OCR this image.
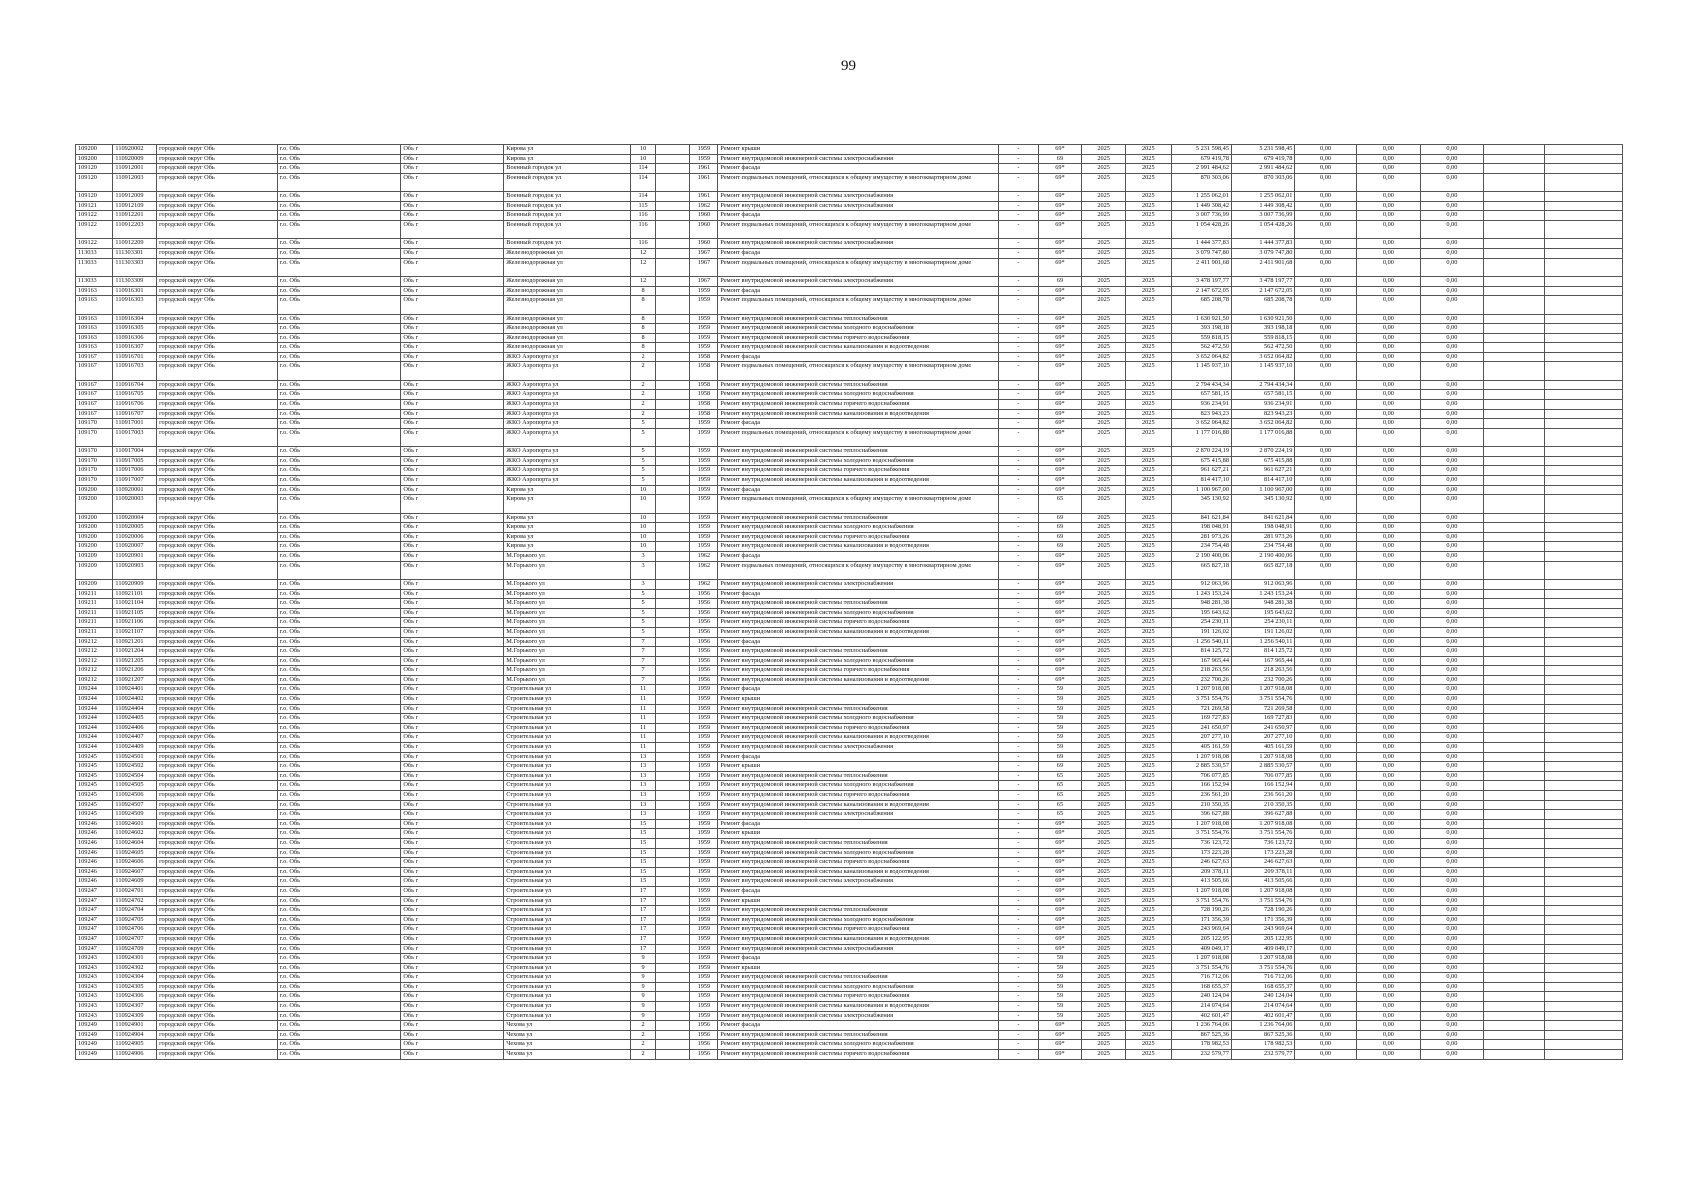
99
109200	110920002	городской округ Обь	г.о. Обь	Обь г	Кирова ул	10		1959	Ремонт крыши	-	69*	2025	2025	5 231 598,45	5 231 598,45	0,00	0,00	0,00		
109200	110920009	городской округ Обь	г.о. Обь	Обь г	Кирова ул	10		1959	Ремонт внутридомовой инженерной системы электроснабжения	-	69	2025	2025	679 419,78	679 419,78	0,00	0,00	0,00		
109120	110912001	городской округ Обь	г.о. Обь	Обь г	Военный городок ул	114		1961	Ремонт фасада	-	69*	2025	2025	2 991 484,62	2 991 484,62	0,00	0,00	0,00		
109120	110912003	городской округ Обь	г.о. Обь	Обь г	Военный городок ул	114		1961	Ремонт подвальных помещений, относящихся к общему имуществу в многоквартирном доме	-	69*	2025	2025	870 303,06	870 303,06	0,00	0,00	0,00		
109120	110912009	городской округ Обь	г.о. Обь	Обь г	Военный городок ул	114		1961	Ремонт внутридомовой инженерной системы электроснабжения	-	69*	2025	2025	1 255 062,01	1 255 062,01	0,00	0,00	0,00		
109121	110912109	городской округ Обь	г.о. Обь	Обь г	Военный городок ул	115		1962	Ремонт внутридомовой инженерной системы электроснабжения	-	69*	2025	2025	1 449 308,42	1 449 308,42	0,00	0,00	0,00		
109122	110912201	городской округ Обь	г.о. Обь	Обь г	Военный городок ул	116		1960	Ремонт фасада	-	69*	2025	2025	3 007 736,99	3 007 736,99	0,00	0,00	0,00		
109122	110912203	городской округ Обь	г.о. Обь	Обь г	Военный городок ул	116		1960	Ремонт подвальных помещений, относящихся к общему имуществу в многоквартирном доме	-	69*	2025	2025	1 054 428,26	1 054 428,26	0,00	0,00	0,00		
109122	110912209	городской округ Обь	г.о. Обь	Обь г	Военный городок ул	116		1960	Ремонт внутридомовой инженерной системы электроснабжения	-	69*	2025	2025	1 444 377,83	1 444 377,83	0,00	0,00	0,00		
113033	111303301	городской округ Обь	г.о. Обь	Обь г	Железнодорожная ул	12		1967	Ремонт фасада	-	69*	2025	2025	3 079 747,80	3 079 747,80	0,00	0,00	0,00		
113033	111303303	городской округ Обь	г.о. Обь	Обь г	Железнодорожная ул	12		1967	Ремонт подвальных помещений, относящихся к общему имуществу в многоквартирном доме	-	69*	2025	2025	2 411 901,68	2 411 901,68	0,00	0,00	0,00		
113033	111303309	городской округ Обь	г.о. Обь	Обь г	Железнодорожная ул	12		1967	Ремонт внутридомовой инженерной системы электроснабжения	-	69	2025	2025	3 478 197,77	3 478 197,77	0,00	0,00	0,00		
109163	110916301	городской округ Обь	г.о. Обь	Обь г	Железнодорожная ул	8		1959	Ремонт фасада	-	69*	2025	2025	2 147 672,05	2 147 672,05	0,00	0,00	0,00		
109163	110916303	городской округ Обь	г.о. Обь	Обь г	Железнодорожная ул	8		1959	Ремонт подвальных помещений, относящихся к общему имуществу в многоквартирном доме	-	69*	2025	2025	685 208,78	685 208,78	0,00	0,00	0,00		
109163	110916304	городской округ Обь	г.о. Обь	Обь г	Железнодорожная ул	8		1959	Ремонт внутридомовой инженерной системы теплоснабжения	-	69*	2025	2025	1 630 921,50	1 630 921,50	0,00	0,00	0,00		
109163	110916305	городской округ Обь	г.о. Обь	Обь г	Железнодорожная ул	8		1959	Ремонт внутридомовой инженерной системы холодного водоснабжения	-	69*	2025	2025	393 198,18	393 198,18	0,00	0,00	0,00		
109163	110916306	городской округ Обь	г.о. Обь	Обь г	Железнодорожная ул	8		1959	Ремонт внутридомовой инженерной системы горячего водоснабжения	-	69*	2025	2025	559 818,15	559 818,15	0,00	0,00	0,00		
109163	110916307	городской округ Обь	г.о. Обь	Обь г	Железнодорожная ул	8		1959	Ремонт внутридомовой инженерной системы канализования и водоотведения	-	69*	2025	2025	562 472,50	562 472,50	0,00	0,00	0,00		
109167	110916701	городской округ Обь	г.о. Обь	Обь г	ЖКО Аэропорта ул	2		1958	Ремонт фасада	-	69*	2025	2025	3 652 064,82	3 652 064,82	0,00	0,00	0,00		
109167	110916703	городской округ Обь	г.о. Обь	Обь г	ЖКО Аэропорта ул	2		1958	Ремонт подвальных помещений, относящихся к общему имуществу в многоквартирном доме	-	69*	2025	2025	1 145 937,10	1 145 937,10	0,00	0,00	0,00		
109167	110916704	городской округ Обь	г.о. Обь	Обь г	ЖКО Аэропорта ул	2		1958	Ремонт внутридомовой инженерной системы теплоснабжения	-	69*	2025	2025	2 794 434,34	2 794 434,34	0,00	0,00	0,00		
109167	110916705	городской округ Обь	г.о. Обь	Обь г	ЖКО Аэропорта ул	2		1958	Ремонт внутридомовой инженерной системы холодного водоснабжения	-	69*	2025	2025	657 581,15	657 581,15	0,00	0,00	0,00		
109167	110916706	городской округ Обь	г.о. Обь	Обь г	ЖКО Аэропорта ул	2		1958	Ремонт внутридомовой инженерной системы горячего водоснабжения	-	69*	2025	2025	936 234,91	936 234,91	0,00	0,00	0,00		
109167	110916707	городской округ Обь	г.о. Обь	Обь г	ЖКО Аэропорта ул	2		1958	Ремонт внутридомовой инженерной системы канализования и водоотведения	-	69*	2025	2025	823 943,23	823 943,23	0,00	0,00	0,00		
109170	110917001	городской округ Обь	г.о. Обь	Обь г	ЖКО Аэропорта ул	5		1959	Ремонт фасада	-	69*	2025	2025	3 652 064,82	3 652 064,82	0,00	0,00	0,00		
109170	110917003	городской округ Обь	г.о. Обь	Обь г	ЖКО Аэропорта ул	5		1959	Ремонт подвальных помещений, относящихся к общему имуществу в многоквартирном доме	-	69*	2025	2025	1 177 016,88	1 177 016,88	0,00	0,00	0,00		
109170	110917004	городской округ Обь	г.о. Обь	Обь г	ЖКО Аэропорта ул	5		1959	Ремонт внутридомовой инженерной системы теплоснабжения	-	69*	2025	2025	2 870 224,19	2 870 224,19	0,00	0,00	0,00		
109170	110917005	городской округ Обь	г.о. Обь	Обь г	ЖКО Аэропорта ул	5		1959	Ремонт внутридомовой инженерной системы холодного водоснабжения	-	69*	2025	2025	675 415,88	675 415,88	0,00	0,00	0,00		
109170	110917006	городской округ Обь	г.о. Обь	Обь г	ЖКО Аэропорта ул	5		1959	Ремонт внутридомовой инженерной системы горячего водоснабжения	-	69*	2025	2025	961 627,21	961 627,21	0,00	0,00	0,00		
109170	110917007	городской округ Обь	г.о. Обь	Обь г	ЖКО Аэропорта ул	5		1959	Ремонт внутридомовой инженерной системы канализования и водоотведения	-	69*	2025	2025	814 417,10	814 417,10	0,00	0,00	0,00		
109200	110920001	городской округ Обь	г.о. Обь	Обь г	Кирова ул	10		1959	Ремонт фасада	-	69*	2025	2025	1 100 967,00	1 100 967,00	0,00	0,00	0,00		
109200	110920003	городской округ Обь	г.о. Обь	Обь г	Кирова ул	10		1959	Ремонт подвальных помещений, относящихся к общему имуществу в многоквартирном доме	-	65	2025	2025	345 130,92	345 130,92	0,00	0,00	0,00		
109200	110920004	городской округ Обь	г.о. Обь	Обь г	Кирова ул	10		1959	Ремонт внутридомовой инженерной системы теплоснабжения	-	69	2025	2025	841 621,84	841 621,84	0,00	0,00	0,00		
109200	110920005	городской округ Обь	г.о. Обь	Обь г	Кирова ул	10		1959	Ремонт внутридомовой инженерной системы холодного водоснабжения	-	69	2025	2025	198 048,91	198 048,91	0,00	0,00	0,00		
109200	110920006	городской округ Обь	г.о. Обь	Обь г	Кирова ул	10		1959	Ремонт внутридомовой инженерной системы горячего водоснабжения	-	69	2025	2025	281 973,26	281 973,26	0,00	0,00	0,00		
109200	110920007	городской округ Обь	г.о. Обь	Обь г	Кирова ул	10		1959	Ремонт внутридомовой инженерной системы канализования и водоотведения	-	69	2025	2025	234 754,48	234 754,48	0,00	0,00	0,00		
109209	110920901	городской округ Обь	г.о. Обь	Обь г	М.Горького ул	3		1962	Ремонт фасада	-	69*	2025	2025	2 190 400,06	2 190 400,06	0,00	0,00	0,00		
109209	110920903	городской округ Обь	г.о. Обь	Обь г	М.Горького ул	3		1962	Ремонт подвальных помещений, относящихся к общему имуществу в многоквартирном доме	-	69*	2025	2025	665 827,18	665 827,18	0,00	0,00	0,00		
109209	110920909	городской округ Обь	г.о. Обь	Обь г	М.Горького ул	3		1962	Ремонт внутридомовой инженерной системы электроснабжения	-	69*	2025	2025	912 063,96	912 063,96	0,00	0,00	0,00		
109211	110921101	городской округ Обь	г.о. Обь	Обь г	М.Горького ул	5		1956	Ремонт фасада	-	69*	2025	2025	1 243 153,24	1 243 153,24	0,00	0,00	0,00		
109211	110921104	городской округ Обь	г.о. Обь	Обь г	М.Горького ул	5		1956	Ремонт внутридомовой инженерной системы теплоснабжения	-	69*	2025	2025	948 281,38	948 281,38	0,00	0,00	0,00		
109211	110921105	городской округ Обь	г.о. Обь	Обь г	М.Горького ул	5		1956	Ремонт внутридомовой инженерной системы холодного водоснабжения	-	69*	2025	2025	195 643,62	195 643,62	0,00	0,00	0,00		
109211	110921106	городской округ Обь	г.о. Обь	Обь г	М.Горького ул	5		1956	Ремонт внутридомовой инженерной системы горячего водоснабжения	-	69*	2025	2025	254 230,11	254 230,11	0,00	0,00	0,00		
109211	110921107	городской округ Обь	г.о. Обь	Обь г	М.Горького ул	5		1956	Ремонт внутридомовой инженерной системы канализования и водоотведения	-	69*	2025	2025	191 126,02	191 126,02	0,00	0,00	0,00		
109212	110921201	городской округ Обь	г.о. Обь	Обь г	М.Горького ул	7		1956	Ремонт фасада	-	69*	2025	2025	1 256 540,11	1 256 540,11	0,00	0,00	0,00		
109212	110921204	городской округ Обь	г.о. Обь	Обь г	М.Горького ул	7		1956	Ремонт внутридомовой инженерной системы теплоснабжения	-	69*	2025	2025	814 125,72	814 125,72	0,00	0,00	0,00		
109212	110921205	городской округ Обь	г.о. Обь	Обь г	М.Горького ул	7		1956	Ремонт внутридомовой инженерной системы холодного водоснабжения	-	69*	2025	2025	167 965,44	167 965,44	0,00	0,00	0,00		
109212	110921206	городской округ Обь	г.о. Обь	Обь г	М.Горького ул	7		1956	Ремонт внутридомовой инженерной системы горячего водоснабжения	-	69*	2025	2025	218 263,56	218 263,56	0,00	0,00	0,00		
109212	110921207	городской округ Обь	г.о. Обь	Обь г	М.Горького ул	7		1956	Ремонт внутридомовой инженерной системы канализования и водоотведения	-	69*	2025	2025	232 700,26	232 700,26	0,00	0,00	0,00		
109244	110924401	городской округ Обь	г.о. Обь	Обь г	Строительная ул	11		1959	Ремонт фасада	-	59	2025	2025	1 207 918,08	1 207 918,08	0,00	0,00	0,00		
109244	110924402	городской округ Обь	г.о. Обь	Обь г	Строительная ул	11		1959	Ремонт крыши	-	59	2025	2025	3 751 554,76	3 751 554,76	0,00	0,00	0,00		
109244	110924404	городской округ Обь	г.о. Обь	Обь г	Строительная ул	11		1959	Ремонт внутридомовой инженерной системы теплоснабжения	-	59	2025	2025	721 269,58	721 269,58	0,00	0,00	0,00		
109244	110924405	городской округ Обь	г.о. Обь	Обь г	Строительная ул	11		1959	Ремонт внутридомовой инженерной системы холодного водоснабжения	-	59	2025	2025	169 727,83	169 727,83	0,00	0,00	0,00		
109244	110924406	городской округ Обь	г.о. Обь	Обь г	Строительная ул	11		1959	Ремонт внутридомовой инженерной системы горячего водоснабжения	-	59	2025	2025	241 650,97	241 650,97	0,00	0,00	0,00		
109244	110924407	городской округ Обь	г.о. Обь	Обь г	Строительная ул	11		1959	Ремонт внутридомовой инженерной системы канализования и водоотведения	-	59	2025	2025	207 277,10	207 277,10	0,00	0,00	0,00		
109244	110924409	городской округ Обь	г.о. Обь	Обь г	Строительная ул	11		1959	Ремонт внутридомовой инженерной системы электроснабжения	-	59	2025	2025	405 161,59	405 161,59	0,00	0,00	0,00		
109245	110924501	городской округ Обь	г.о. Обь	Обь г	Строительная ул	13		1959	Ремонт фасада	-	69	2025	2025	1 207 918,08	1 207 918,08	0,00	0,00	0,00		
109245	110924502	городской округ Обь	г.о. Обь	Обь г	Строительная ул	13		1959	Ремонт крыши	-	69	2025	2025	2 885 530,57	2 885 530,57	0,00	0,00	0,00		
109245	110924504	городской округ Обь	г.о. Обь	Обь г	Строительная ул	13		1959	Ремонт внутридомовой инженерной системы теплоснабжения	-	65	2025	2025	706 077,85	706 077,85	0,00	0,00	0,00		
109245	110924505	городской округ Обь	г.о. Обь	Обь г	Строительная ул	13		1959	Ремонт внутридомовой инженерной системы холодного водоснабжения	-	65	2025	2025	166 152,94	166 152,94	0,00	0,00	0,00		
109245	110924506	городской округ Обь	г.о. Обь	Обь г	Строительная ул	13		1959	Ремонт внутридомовой инженерной системы горячего водоснабжения	-	65	2025	2025	236 561,20	236 561,20	0,00	0,00	0,00		
109245	110924507	городской округ Обь	г.о. Обь	Обь г	Строительная ул	13		1959	Ремонт внутридомовой инженерной системы канализования и водоотведения	-	65	2025	2025	210 350,35	210 350,35	0,00	0,00	0,00		
109245	110924509	городской округ Обь	г.о. Обь	Обь г	Строительная ул	13		1959	Ремонт внутридомовой инженерной системы электроснабжения	-	65	2025	2025	396 627,88	396 627,88	0,00	0,00	0,00		
109246	110924601	городской округ Обь	г.о. Обь	Обь г	Строительная ул	15		1959	Ремонт фасада	-	69*	2025	2025	1 207 918,08	1 207 918,08	0,00	0,00	0,00		
109246	110924602	городской округ Обь	г.о. Обь	Обь г	Строительная ул	15		1959	Ремонт крыши	-	69*	2025	2025	3 751 554,76	3 751 554,76	0,00	0,00	0,00		
109246	110924604	городской округ Обь	г.о. Обь	Обь г	Строительная ул	15		1959	Ремонт внутридомовой инженерной системы теплоснабжения	-	69*	2025	2025	736 123,72	736 123,72	0,00	0,00	0,00		
109246	110924605	городской округ Обь	г.о. Обь	Обь г	Строительная ул	15		1959	Ремонт внутридомовой инженерной системы холодного водоснабжения	-	69*	2025	2025	173 223,28	173 223,28	0,00	0,00	0,00		
109246	110924606	городской округ Обь	г.о. Обь	Обь г	Строительная ул	15		1959	Ремонт внутридомовой инженерной системы горячего водоснабжения	-	69*	2025	2025	246 627,63	246 627,63	0,00	0,00	0,00		
109246	110924607	городской округ Обь	г.о. Обь	Обь г	Строительная ул	15		1959	Ремонт внутридомовой инженерной системы канализования и водоотведения	-	69*	2025	2025	209 378,11	209 378,11	0,00	0,00	0,00		
109246	110924609	городской округ Обь	г.о. Обь	Обь г	Строительная ул	15		1959	Ремонт внутридомовой инженерной системы электроснабжения	-	69*	2025	2025	413 505,66	413 505,66	0,00	0,00	0,00		
109247	110924701	городской округ Обь	г.о. Обь	Обь г	Строительная ул	17		1959	Ремонт фасада	-	69*	2025	2025	1 207 918,08	1 207 918,08	0,00	0,00	0,00		
109247	110924702	городской округ Обь	г.о. Обь	Обь г	Строительная ул	17		1959	Ремонт крыши	-	69*	2025	2025	3 751 554,76	3 751 554,76	0,00	0,00	0,00		
109247	110924704	городской округ Обь	г.о. Обь	Обь г	Строительная ул	17		1959	Ремонт внутридомовой инженерной системы теплоснабжения	-	69*	2025	2025	728 190,26	728 190,26	0,00	0,00	0,00		
109247	110924705	городской округ Обь	г.о. Обь	Обь г	Строительная ул	17		1959	Ремонт внутридомовой инженерной системы холодного водоснабжения	-	69*	2025	2025	171 356,39	171 356,39	0,00	0,00	0,00		
109247	110924706	городской округ Обь	г.о. Обь	Обь г	Строительная ул	17		1959	Ремонт внутридомовой инженерной системы горячего водоснабжения	-	69*	2025	2025	243 969,64	243 969,64	0,00	0,00	0,00		
109247	110924707	городской округ Обь	г.о. Обь	Обь г	Строительная ул	17		1959	Ремонт внутридомовой инженерной системы канализования и водоотведения	-	69*	2025	2025	205 122,95	205 122,95	0,00	0,00	0,00		
109247	110924709	городской округ Обь	г.о. Обь	Обь г	Строительная ул	17		1959	Ремонт внутридомовой инженерной системы электроснабжения	-	69*	2025	2025	409 049,17	409 049,17	0,00	0,00	0,00		
109243	110924301	городской округ Обь	г.о. Обь	Обь г	Строительная ул	9		1959	Ремонт фасада	-	59	2025	2025	1 207 918,08	1 207 918,08	0,00	0,00	0,00		
109243	110924302	городской округ Обь	г.о. Обь	Обь г	Строительная ул	9		1959	Ремонт крыши	-	59	2025	2025	3 751 554,76	3 751 554,76	0,00	0,00	0,00		
109243	110924304	городской округ Обь	г.о. Обь	Обь г	Строительная ул	9		1959	Ремонт внутридомовой инженерной системы теплоснабжения	-	59	2025	2025	716 712,06	716 712,06	0,00	0,00	0,00		
109243	110924305	городской округ Обь	г.о. Обь	Обь г	Строительная ул	9		1959	Ремонт внутридомовой инженерной системы холодного водоснабжения	-	59	2025	2025	168 655,37	168 655,37	0,00	0,00	0,00		
109243	110924306	городской округ Обь	г.о. Обь	Обь г	Строительная ул	9		1959	Ремонт внутридомовой инженерной системы горячего водоснабжения	-	59	2025	2025	240 124,04	240 124,04	0,00	0,00	0,00		
109243	110924307	городской округ Обь	г.о. Обь	Обь г	Строительная ул	9		1959	Ремонт внутридомовой инженерной системы канализования и водоотведения	-	59	2025	2025	214 074,64	214 074,64	0,00	0,00	0,00		
109243	110924309	городской округ Обь	г.о. Обь	Обь г	Строительная ул	9		1959	Ремонт внутридомовой инженерной системы электроснабжения	-	59	2025	2025	402 601,47	402 601,47	0,00	0,00	0,00		
109249	110924901	городской округ Обь	г.о. Обь	Обь г	Чехова ул	2		1956	Ремонт фасада	-	69*	2025	2025	1 236 764,06	1 236 764,06	0,00	0,00	0,00		
109249	110924904	городской округ Обь	г.о. Обь	Обь г	Чехова ул	2		1956	Ремонт внутридомовой инженерной системы теплоснабжения	-	69*	2025	2025	867 525,36	867 525,36	0,00	0,00	0,00		
109249	110924905	городской округ Обь	г.о. Обь	Обь г	Чехова ул	2		1956	Ремонт внутридомовой инженерной системы холодного водоснабжения	-	69*	2025	2025	178 982,53	178 982,53	0,00	0,00	0,00		
109249	110924906	городской округ Обь	г.о. Обь	Обь г	Чехова ул	2		1956	Ремонт внутридомовой инженерной системы горячего водоснабжения	-	69*	2025	2025	232 579,77	232 579,77	0,00	0,00	0,00		
